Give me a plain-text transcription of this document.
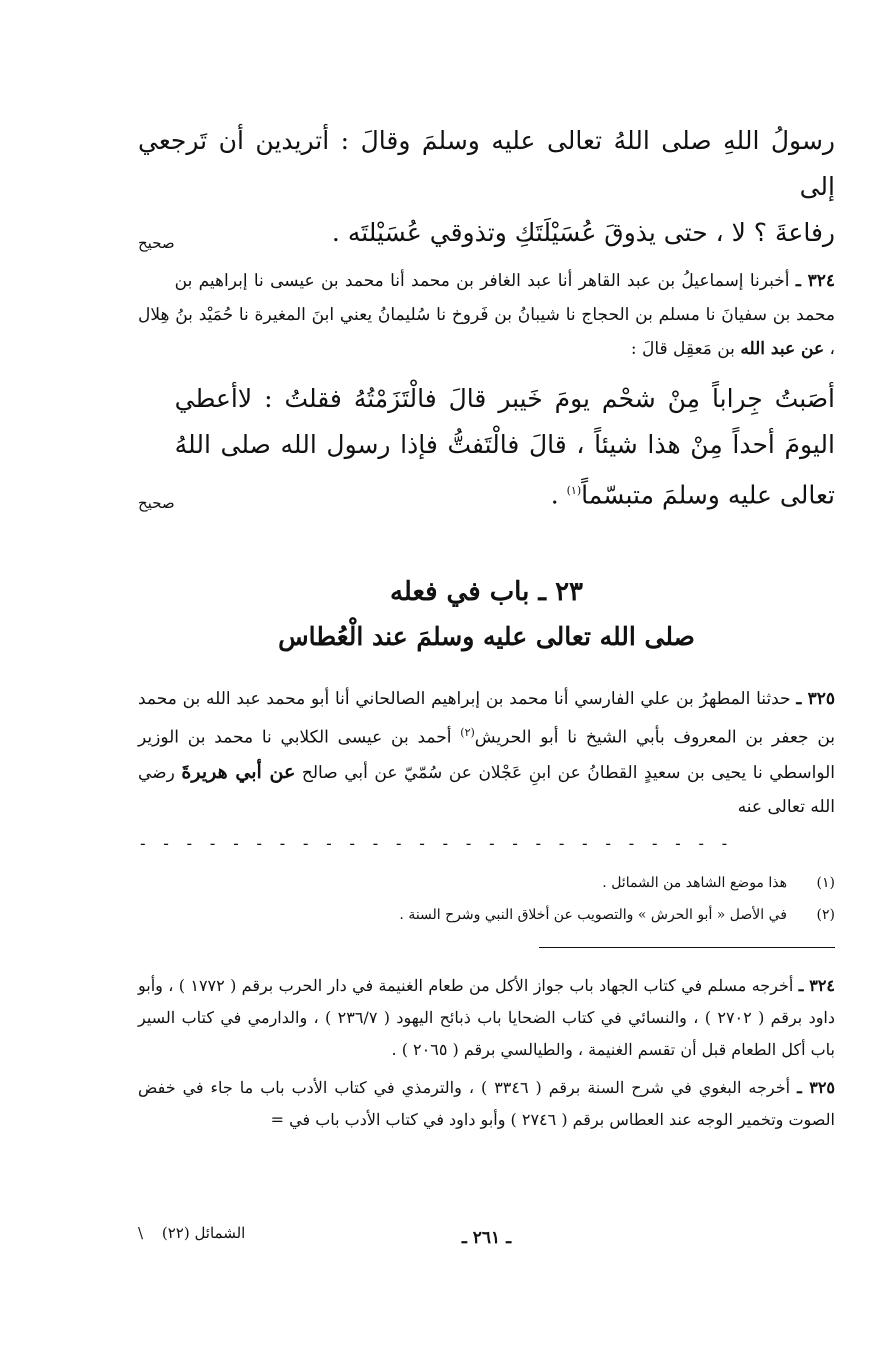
رسولُ اللهِ صلى اللهُ تعالى عليه وسلمَ وقالَ : أتريدين أن تَرجعي إلى

صحيح	رفاعةَ ؟ لا ، حتى يذوقَ عُسَيْلَتَكِ وتذوقي عُسَيْلتَه .

٣٢٤ ـ أخبرنا إسماعيلُ بن عبد القاهر أنا عبد الغافر بن محمد أنا محمد بن عيسى نا إبراهيم بن محمد بن سفيانَ نا مسلم بن الحجاج نا شيبانُ بن فَروخ نا سُليمانُ يعني ابنَ المغيرة نا حُمَيْد بنُ هِلال ، عن عبد الله بن مَعقِل قالَ :

صحيح
أصَبتُ جِراباً مِنْ شحْم يومَ خَيبر قالَ فالْتَزَمْتُهُ فقلتُ : لاأعطي اليومَ أحداً مِنْ هذا شيئاً ، قالَ فالْتَفتُّ فإذا رسول الله صلى اللهُ تعالى عليه وسلمَ متبسّماً$^{(١)}$ .

٢٣ ـ باب في فعله

صلى الله تعالى عليه وسلمَ عند الْعُطاس

٣٢٥ ـ حدثنا المطهرُ بن علي الفارسي أنا محمد بن إبراهيم الصالحاني أنا أبو محمد عبد الله بن محمد بن جعفر بن المعروف بأبي الشيخ نا أبو الحريش$^{(٢)}$ أحمد بن عيسى الكلابي نا محمد بن الوزير الواسطي نا يحيى بن سعيدٍ القطانُ عن ابنِ عَجْلان عن سُمّيّ عن أبي صالح عن أبي هريرةَ رضي الله تعالى عنه

- - - - - - - - - - - - - - - - - - - - - - - - - -
(١)
هذا موضع الشاهد من الشمائل .
(٢)
في الأصل « أبو الحرش » والتصويب عن أخلاق النبي وشرح السنة .

٣٢٤ ـ أخرجه مسلم في كتاب الجهاد باب جواز الأكل من طعام الغنيمة في دار الحرب برقم ( ١٧٧٢ ) ، وأبو داود برقم ( ٢٧٠٢ ) ، والنسائي في كتاب الضحايا باب ذبائح اليهود ( ٢٣٦/٧ ) ، والدارمي في كتاب السير باب أكل الطعام قبل أن تقسم الغنيمة ، والطيالسي برقم ( ٢٠٦٥ ) .

٣٢٥ ـ أخرجه البغوي في شرح السنة برقم ( ٣٣٤٦ ) ، والترمذي في كتاب الأدب باب ما جاء في خفض الصوت وتخمير الوجه عند العطاس برقم ( ٢٧٤٦ ) وأبو داود في كتاب الأدب باب في =

ـ ٢٦١ ـ
الشمائل (٢٢) \
